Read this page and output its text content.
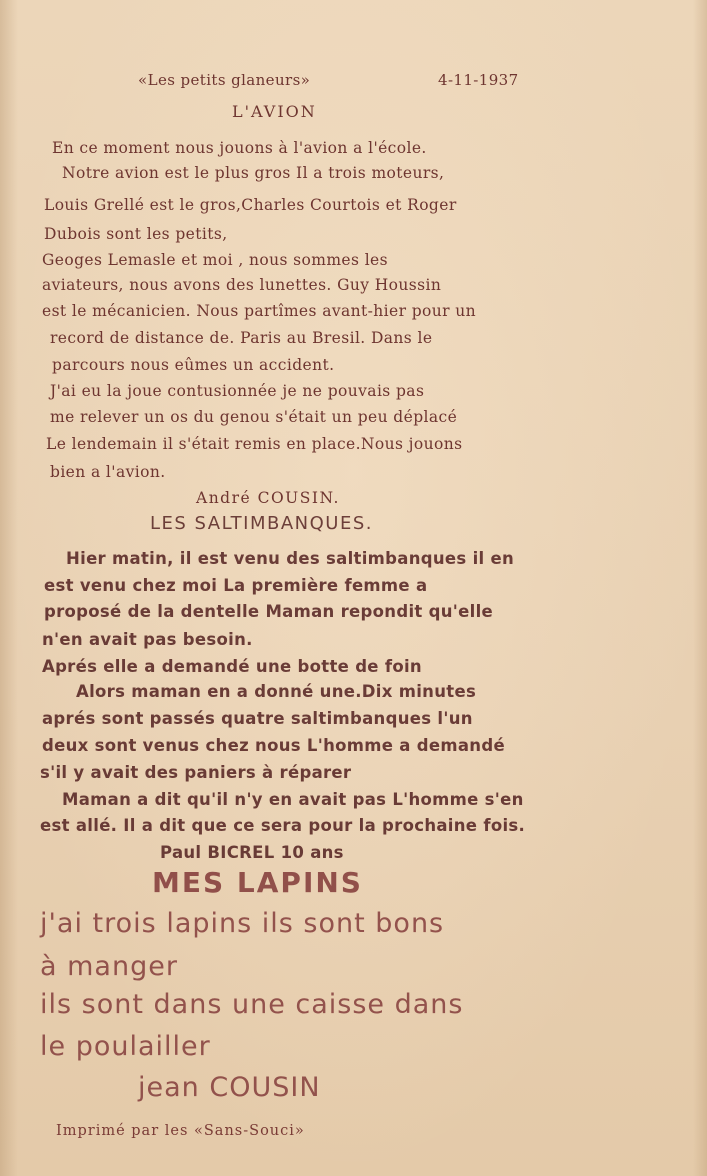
«Les petits glaneurs»	4-11-1937
L'AVION
En ce moment nous jouons à l'avion a l'école.
Notre avion est le plus gros Il a trois moteurs,
Louis Grellé est le gros,Charles Courtois et Roger
Dubois sont les petits,
Geoges Lemasle et moi , nous sommes les
aviateurs, nous avons des lunettes. Guy Houssin
est le mécanicien. Nous partîmes avant-hier pour un
record de distance de. Paris au Bresil. Dans le
parcours nous eûmes un accident.
J'ai eu la joue contusionnée je ne pouvais pas
me relever un os du genou s'était un peu déplacé
Le lendemain il s'était remis en place.Nous jouons
bien a l'avion.
André COUSIN.
LES SALTIMBANQUES.
Hier matin, il est venu des saltimbanques il en
est venu chez moi La première femme a
proposé de la dentelle Maman repondit qu'elle
n'en avait pas besoin.
Aprés elle a demandé une botte de foin
Alors maman en a donné une.Dix minutes
aprés sont passés quatre saltimbanques l'un
deux sont venus chez nous L'homme a demandé
s'il y avait des paniers à réparer
Maman a dit qu'il n'y en avait pas L'homme s'en
est allé. Il a dit que ce sera pour la prochaine fois.
Paul BICREL 10 ans
MES LAPINS
j'ai trois lapins ils sont bons
à manger
ils sont dans une caisse dans
le poulailler
jean COUSIN
Imprimé par les «Sans-Souci»
